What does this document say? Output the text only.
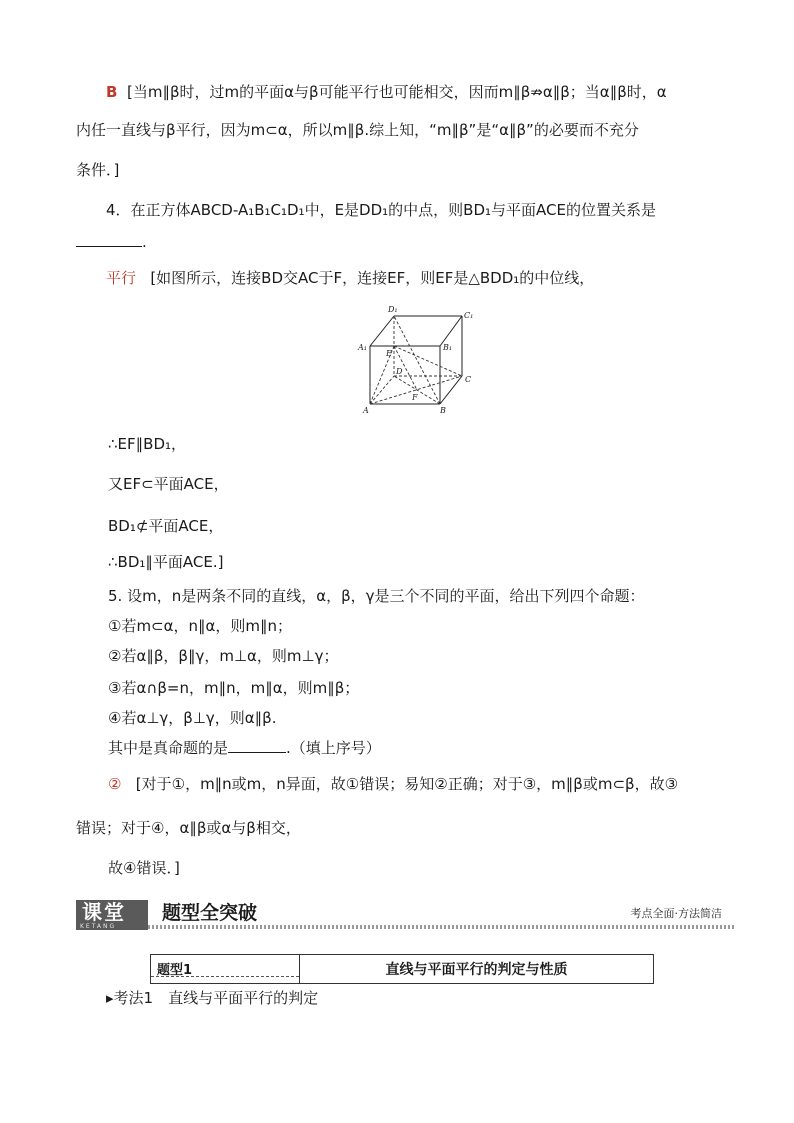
B [当m∥β时，过m的平面α与β可能平行也可能相交，因而m∥β⇏α∥β；当α∥β时，α
内任一直线与β平行，因为m⊂α，所以m∥β.综上知，“m∥β”是“α∥β”的必要而不充分
条件．]
4．在正方体ABCD-A₁B₁C₁D₁中，E是DD₁的中点，则BD₁与平面ACE的位置关系是
.
平行 [如图所示，连接BD交AC于F，连接EF，则EF是△BDD₁的中位线，
D₁
C₁
A₁	B₁
E
D
C
F
A	B
∴EF∥BD₁，
又EF⊂平面ACE，
BD₁⊄平面ACE，
∴BD₁∥平面ACE.]
5. 设m，n是两条不同的直线，α，β，γ是三个不同的平面，给出下列四个命题：
①若m⊂α，n∥α，则m∥n；
②若α∥β，β∥γ，m⊥α，则m⊥γ；
③若α∩β=n，m∥n，m∥α，则m∥β；
④若α⊥γ，β⊥γ，则α∥β.
其中是真命题的是	.（填上序号）
② [对于①，m∥n或m，n异面，故①错误；易知②正确；对于③，m∥β或m⊂β，故③
错误；对于④，α∥β或α与β相交，
故④错误．]
课堂
KETANG
题型全突破	考点全面·方法简洁
题型1	直线与平面平行的判定与性质
▸考法1　直线与平面平行的判定
